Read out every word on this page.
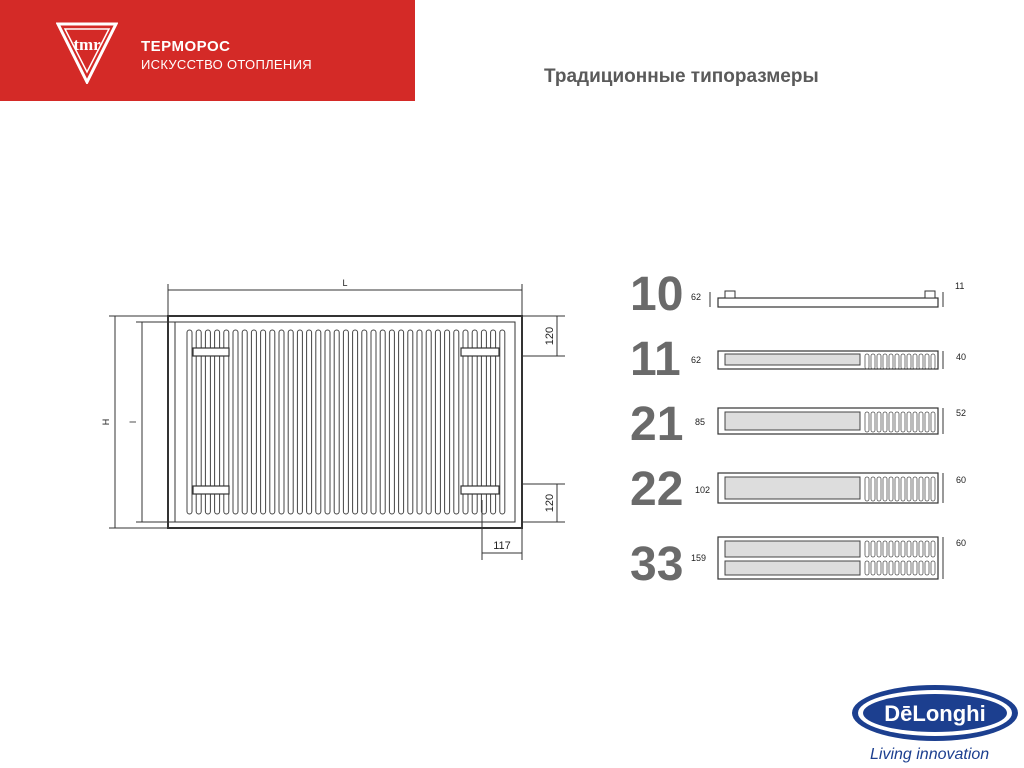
tmr	ТЕРМОРОС
ИСКУССТВО ОТОПЛЕНИЯ
Традиционные типоразмеры
L
H l
120
120
117
10 62
11
11 62	40
21 85
52
22 102
60
33 159
60
DēLonghi
Living innovation
